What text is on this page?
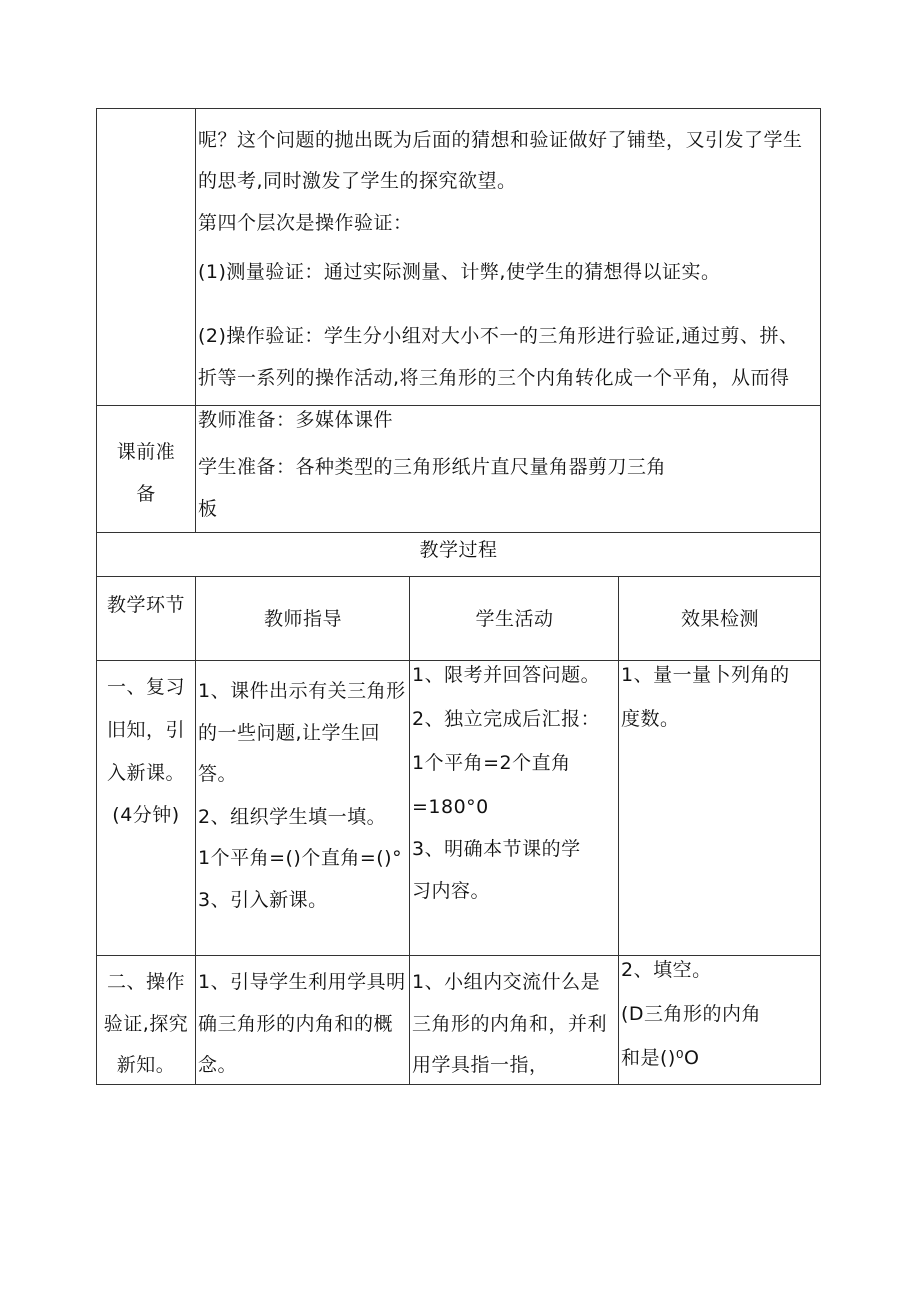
呢？这个问题的抛出既为后面的猜想和验证做好了铺垫，又引发了学生
的思考,同时激发了学生的探究欲望。
第四个层次是操作验证：
(1)测量验证：通过实际测量、计弊,使学生的猜想得以证实。
(2)操作验证：学生分小组对大小不一的三角形进行验证,通过剪、拼、
折等一系列的操作活动,将三角形的三个内角转化成一个平角，从而得
课前准
备
教师准备：多媒体课件
学生准备：各种类型的三角形纸片直尺量角器剪刀三角
板
教学过程
教学环节
教师指导	学生活动	效果检测
一、复习
旧知，引
入新课。
(4分钟)
1、课件出示有关三角形
的一些问题,让学生回
答。
2、组织学生填一填。
1个平角=()个直角=()°
3、引入新课。
1、限考并回答问题。
2、独立完成后汇报：
1个平角=2个直角
=180°0
3、明确本节课的学
习内容。
1、量一量卜列角的
度数。
二、操作
验证,探究
新知。
1、引导学生利用学具明
确三角形的内角和的概
念。
1、小组内交流什么是
三角形的内角和，并利
用学具指一指，
2、填空。
(D三角形的内角
和是()⁰O
